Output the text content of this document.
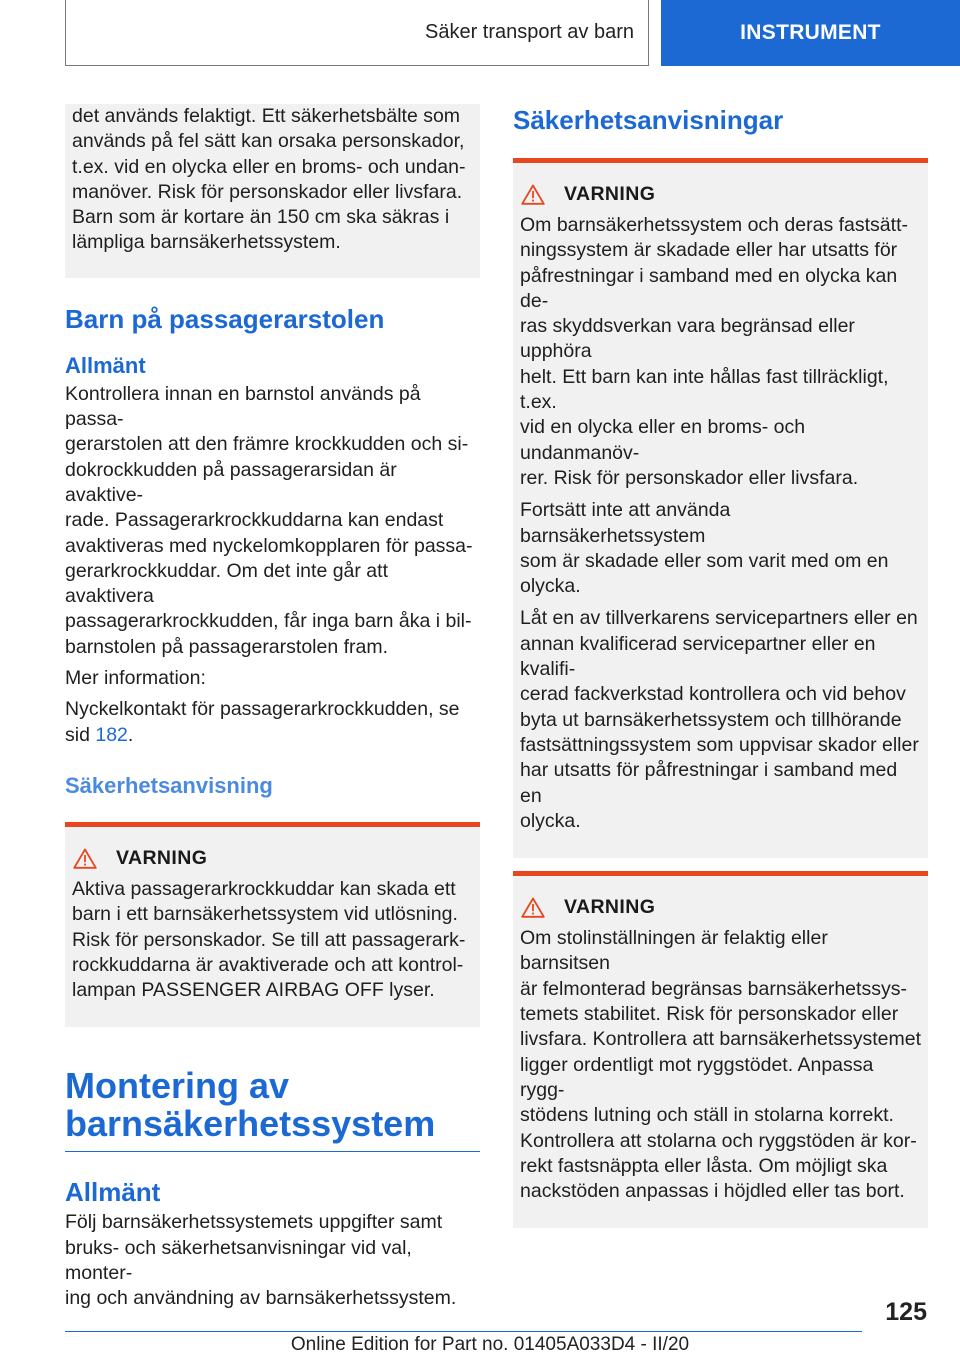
Säker transport av barn	INSTRUMENT

det används felaktigt. Ett säkerhetsbälte som
används på fel sätt kan orsaka personskador,
t.ex. vid en olycka eller en broms- och undan-
manöver. Risk för personskador eller livsfara.
Barn som är kortare än 150 cm ska säkras i
lämpliga barnsäkerhetssystem.

Barn på passagerarstolen
Allmänt

Kontrollera innan en barnstol används på passa-
gerarstolen att den främre krockkudden och si-
dokrockkudden på passagerarsidan är avaktive-
rade. Passagerarkrockkuddarna kan endast
avaktiveras med nyckelomkopplaren för passa-
gerarkrockkuddar. Om det inte går att avaktivera
passagerarkrockkudden, får inga barn åka i bil-
barnstolen på passagerarstolen fram.

Mer information:

Nyckelkontakt för passagerarkrockkudden, se
sid 182.

Säkerhetsanvisning
VARNING

Aktiva passagerarkrockkuddar kan skada ett
barn i ett barnsäkerhetssystem vid utlösning.
Risk för personskador. Se till att passagerark-
rockkuddarna är avaktiverade och att kontrol-
lampan PASSENGER AIRBAG OFF lyser.

Montering av
barnsäkerhetssystem
Allmänt

Följ barnsäkerhetssystemets uppgifter samt
bruks- och säkerhetsanvisningar vid val, monter-
ing och användning av barnsäkerhetssystem.

Säkerhetsanvisningar
VARNING

Om barnsäkerhetssystem och deras fastsätt-
ningssystem är skadade eller har utsatts för
påfrestningar i samband med en olycka kan de-
ras skyddsverkan vara begränsad eller upphöra
helt. Ett barn kan inte hållas fast tillräckligt, t.ex.
vid en olycka eller en broms- och undanmanöv-
rer. Risk för personskador eller livsfara.

Fortsätt inte att använda barnsäkerhetssystem
som är skadade eller som varit med om en
olycka.

Låt en av tillverkarens servicepartners eller en
annan kvalificerad servicepartner eller en kvalifi-
cerad fackverkstad kontrollera och vid behov
byta ut barnsäkerhetssystem och tillhörande
fastsättningssystem som uppvisar skador eller
har utsatts för påfrestningar i samband med en
olycka.

VARNING

Om stolinställningen är felaktig eller barnsitsen
är felmonterad begränsas barnsäkerhetssys-
temets stabilitet. Risk för personskador eller
livsfara. Kontrollera att barnsäkerhetssystemet
ligger ordentligt mot ryggstödet. Anpassa rygg-
stödens lutning och ställ in stolarna korrekt.
Kontrollera att stolarna och ryggstöden är kor-
rekt fastsnäppta eller låsta. Om möjligt ska
nackstöden anpassas i höjdled eller tas bort.

125
Online Edition for Part no. 01405A033D4 - II/20
